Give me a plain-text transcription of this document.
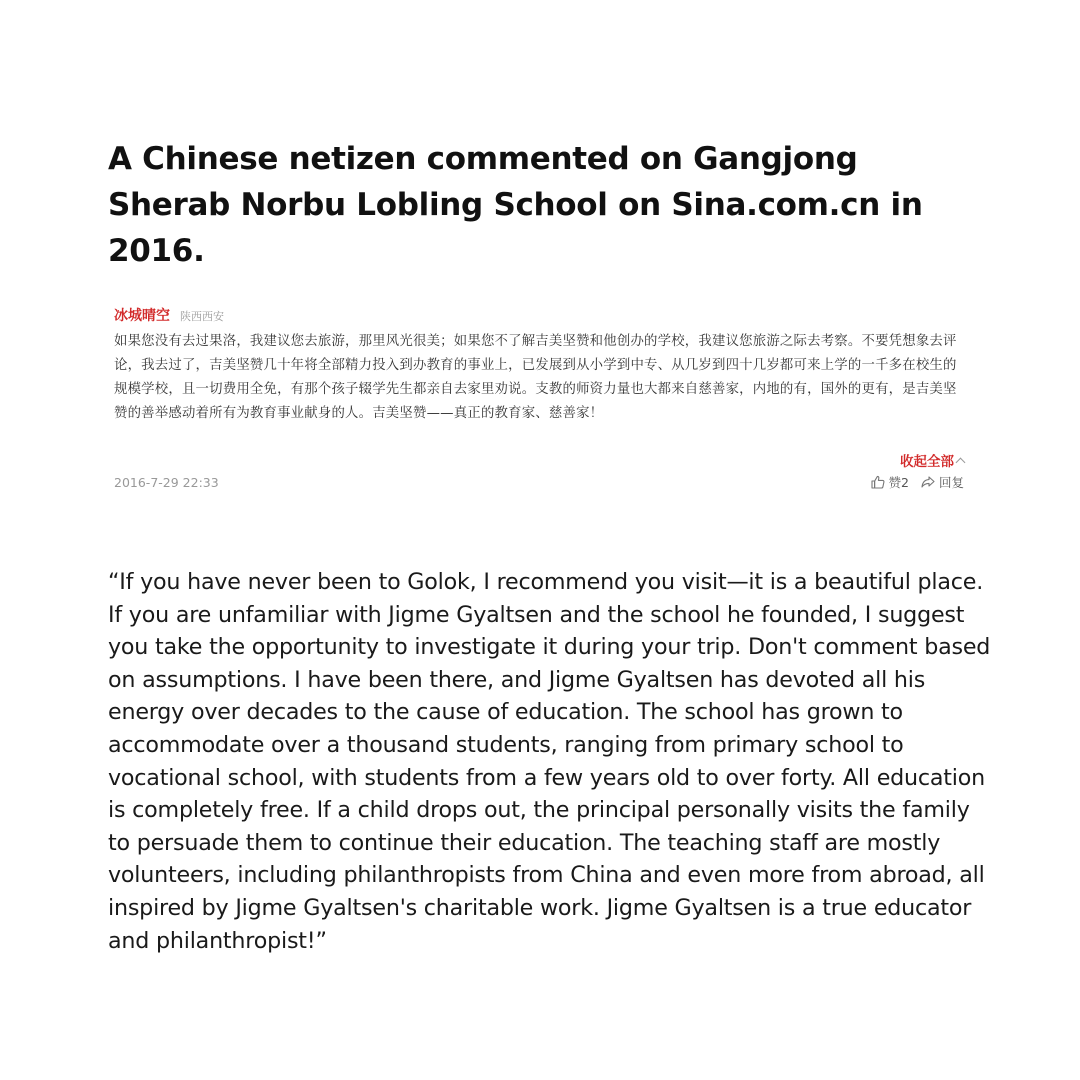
A Chinese netizen commented on Gangjong Sherab Norbu Lobling School on Sina.com.cn in 2016.
冰城晴空 陕西西安

如果您没有去过果洛，我建议您去旅游，那里风光很美；如果您不了解吉美坚赞和他创办的学校，我建议您旅游之际去考察。不要凭想象去评论，我去过了，吉美坚赞几十年将全部精力投入到办教育的事业上，已发展到从小学到中专、从几岁到四十几岁都可来上学的一千多在校生的规模学校，且一切费用全免，有那个孩子辍学先生都亲自去家里劝说。支教的师资力量也大都来自慈善家，内地的有，国外的更有，是吉美坚赞的善举感动着所有为教育事业献身的人。吉美坚赞——真正的教育家、慈善家！

收起全部
2016-7-29 22:33	赞2 回复

“If you have never been to Golok, I recommend you visit—it is a beautiful place. If you are unfamiliar with Jigme Gyaltsen and the school he founded, I suggest you take the opportunity to investigate it during your trip. Don't comment based on assumptions. I have been there, and Jigme Gyaltsen has devoted all his energy over decades to the cause of education. The school has grown to accommodate over a thousand students, ranging from primary school to vocational school, with students from a few years old to over forty. All education is completely free. If a child drops out, the principal personally visits the family to persuade them to continue their education. The teaching staff are mostly volunteers, including philanthropists from China and even more from abroad, all inspired by Jigme Gyaltsen's charitable work. Jigme Gyaltsen is a true educator and philanthropist!”
